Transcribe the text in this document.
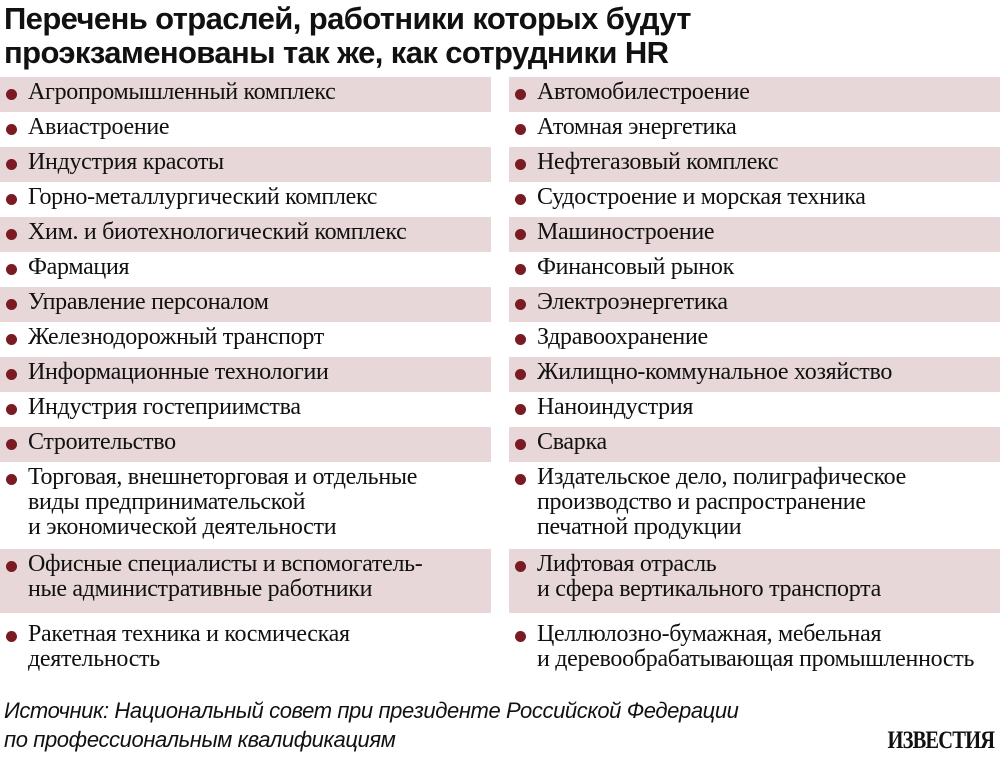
Перечень отраслей, работники которых будут
проэкзаменованы так же, как сотрудники HR
Агропромышленный комплекс
Авиастроение
Индустрия красоты
Горно-металлургический комплекс
Хим. и биотехнологический комплекс
Фармация
Управление персоналом
Железнодорожный транспорт
Информационные технологии
Индустрия гостеприимства
Строительство
Торговая, внешнеторговая и отдельные
виды предпринимательской
и экономической деятельности
Офисные специалисты и вспомогатель-
ные административные работники
Ракетная техника и космическая
деятельность
Автомобилестроение
Атомная энергетика
Нефтегазовый комплекс
Судостроение и морская техника
Машиностроение
Финансовый рынок
Электроэнергетика
Здравоохранение
Жилищно-коммунальное хозяйство
Наноиндустрия
Сварка
Издательское дело, полиграфическое
производство и распространение
печатной продукции
Лифтовая отрасль
и сфера вертикального транспорта
Целлюлозно-бумажная, мебельная
и деревообрабатывающая промышленность
Источник: Национальный совет при президенте Российской Федерации
по профессиональным квалификациям	ИЗВЕСТИЯ
